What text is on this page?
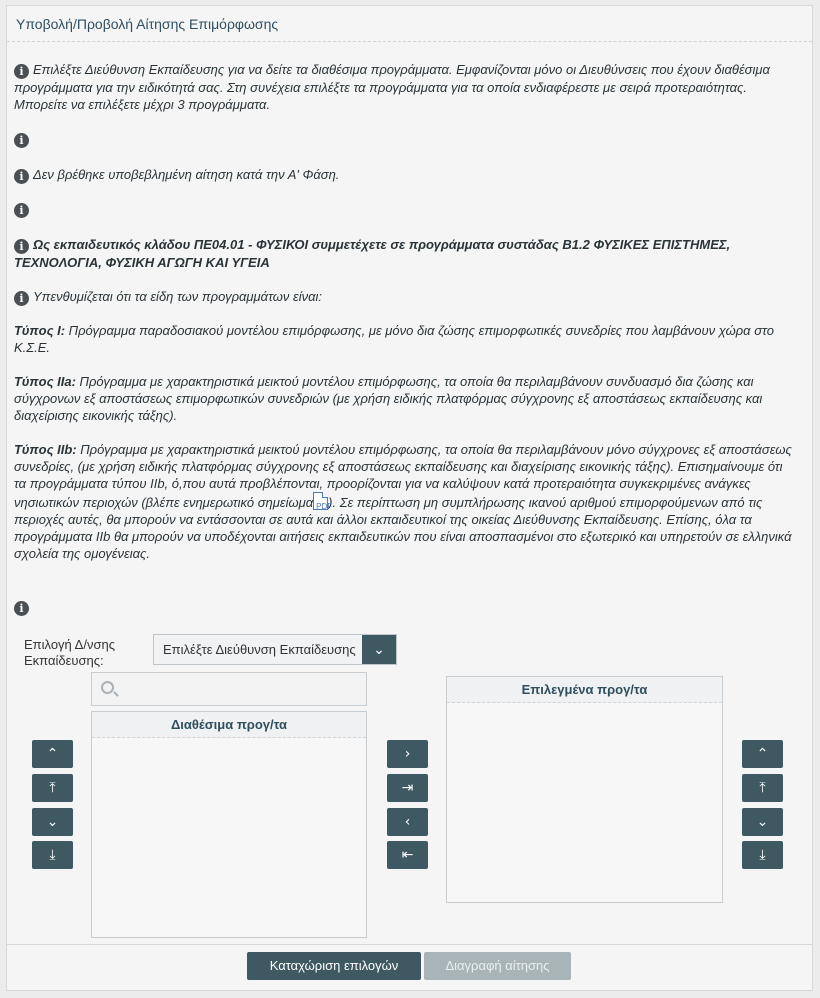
Υποβολή/Προβολή Αίτησης Επιμόρφωσης
i Επιλέξτε Διεύθυνση Εκπαίδευσης για να δείτε τα διαθέσιμα προγράμματα. Εμφανίζονται μόνο οι Διευθύνσεις που έχουν διαθέσιμα προγράμματα για την ειδικότητά σας. Στη συνέχεια επιλέξτε τα προγράμματα για τα οποία ενδιαφέρεστε με σειρά προτεραιότητας. Μπορείτε να επιλέξετε μέχρι 3 προγράμματα.
i
i Δεν βρέθηκε υποβεβλημένη αίτηση κατά την Α' Φάση.
i
i Ως εκπαιδευτικός κλάδου ΠΕ04.01 - ΦΥΣΙΚΟΙ συμμετέχετε σε προγράμματα συστάδας Β1.2 ΦΥΣΙΚΕΣ ΕΠΙΣΤΗΜΕΣ, ΤΕΧΝΟΛΟΓΙΑ, ΦΥΣΙΚΗ ΑΓΩΓΗ ΚΑΙ ΥΓΕΙΑ
i Υπενθυμίζεται ότι τα είδη των προγραμμάτων είναι:
Τύπος Ι: Πρόγραμμα παραδοσιακού μοντέλου επιμόρφωσης, με μόνο δια ζώσης επιμορφωτικές συνεδρίες που λαμβάνουν χώρα στο Κ.Σ.Ε.
Τύπος IIa: Πρόγραμμα με χαρακτηριστικά μεικτού μοντέλου επιμόρφωσης, τα οποία θα περιλαμβάνουν συνδυασμό δια ζώσης και σύγχρονων εξ αποστάσεως επιμορφωτικών συνεδριών (με χρήση ειδικής πλατφόρμας σύγχρονης εξ αποστάσεως εκπαίδευσης και διαχείρισης εικονικής τάξης).
Τύπος IIb: Πρόγραμμα με χαρακτηριστικά μεικτού μοντέλου επιμόρφωσης, τα οποία θα περιλαμβάνουν μόνο σύγχρονες εξ αποστάσεως συνεδρίες, (με χρήση ειδικής πλατφόρμας σύγχρονης εξ αποστάσεως εκπαίδευσης και διαχείρισης εικονικής τάξης). Επισημαίνουμε ότι τα προγράμματα τύπου IIb, ό,που αυτά προβλέπονται, προορίζονται για να καλύψουν κατά προτεραιότητα συγκεκριμένες ανάγκες νησιωτικών περιοχών (βλέπε ενημερωτικό σημείωμα PDF
). Σε περίπτωση μη συμπλήρωσης ικανού αριθμού επιμορφούμενων από τις περιοχές αυτές, θα μπορούν να εντάσσονται σε αυτά και άλλοι εκπαιδευτικοί της οικείας Διεύθυνσης Εκπαίδευσης. Επίσης, όλα τα προγράμματα IIb θα μπορούν να υποδέχονται αιτήσεις εκπαιδευτικών που είναι αποσπασμένοι στο εξωτερικό και υπηρετούν σε ελληνικά σχολεία της ομογένειας.
i
Επιλογή Δ/νσης Εκπαίδευσης:
Επιλέξτε Διεύθυνση Εκπαίδευσης	⌄
Διαθέσιμα προγ/τα
Επιλεγμένα προγ/τα
⌃
⤒
⌄
⤓
›
⇥
‹
⇤
⌃
⤒
⌄
⤓
Καταχώριση επιλογών	Διαγραφή αίτησης
